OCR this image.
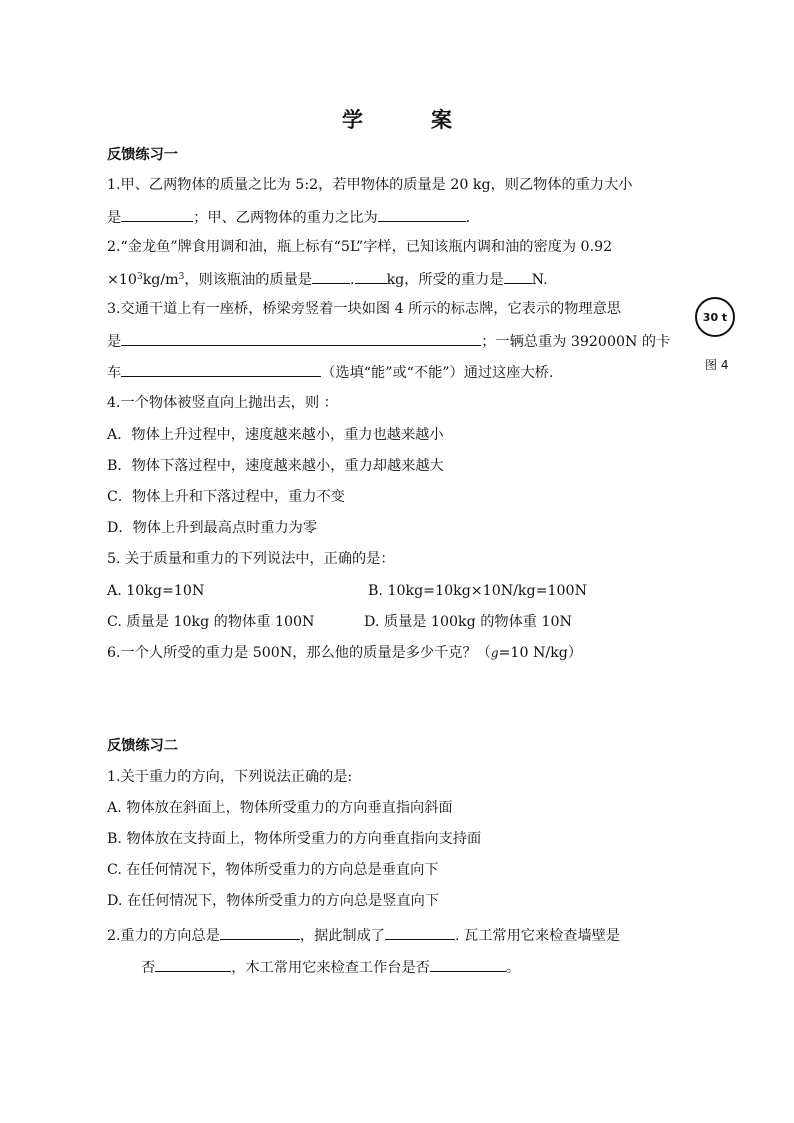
学	案
反馈练习一
1.甲、乙两物体的质量之比为 5:2，若甲物体的质量是 20 kg，则乙物体的重力大小
是	；甲、乙两物体的重力之比为	.
2.“金龙鱼”牌食用调和油，瓶上标有“5L”字样，已知该瓶内调和油的密度为 0.92
$\times 10^3kg/m^3$，则该瓶油的质量是	. kg，所受的重力是 N.
3.交通干道上有一座桥，桥梁旁竖着一块如图 4 所示的标志牌，它表示的物理意思
是	；一辆总重为 392000N 的卡
车	（选填“能”或“不能”）通过这座大桥.
30 t
图 4
4.一个物体被竖直向上抛出去，则 ：
A．物体上升过程中，速度越来越小，重力也越来越小
B．物体下落过程中，速度越来越小，重力却越来越大
C．物体上升和下落过程中，重力不变
D．物体上升到最高点时重力为零
5. 关于质量和重力的下列说法中，正确的是：
A. 10kg=10N	B. 10kg=10kg×10N/kg=100N
C. 质量是 10kg 的物体重 100N	D. 质量是 100kg 的物体重 10N
6.一个人所受的重力是 500N，那么他的质量是多少千克？（g=10 N/kg）
反馈练习二
1.关于重力的方向，下列说法正确的是:
A. 物体放在斜面上，物体所受重力的方向垂直指向斜面
B. 物体放在支持面上，物体所受重力的方向垂直指向支持面
C. 在任何情况下，物体所受重力的方向总是垂直向下
D. 在任何情况下，物体所受重力的方向总是竖直向下
2.重力的方向总是	，据此制成了	. 瓦工常用它来检查墙壁是
否	，木工常用它来检查工作台是否	。
